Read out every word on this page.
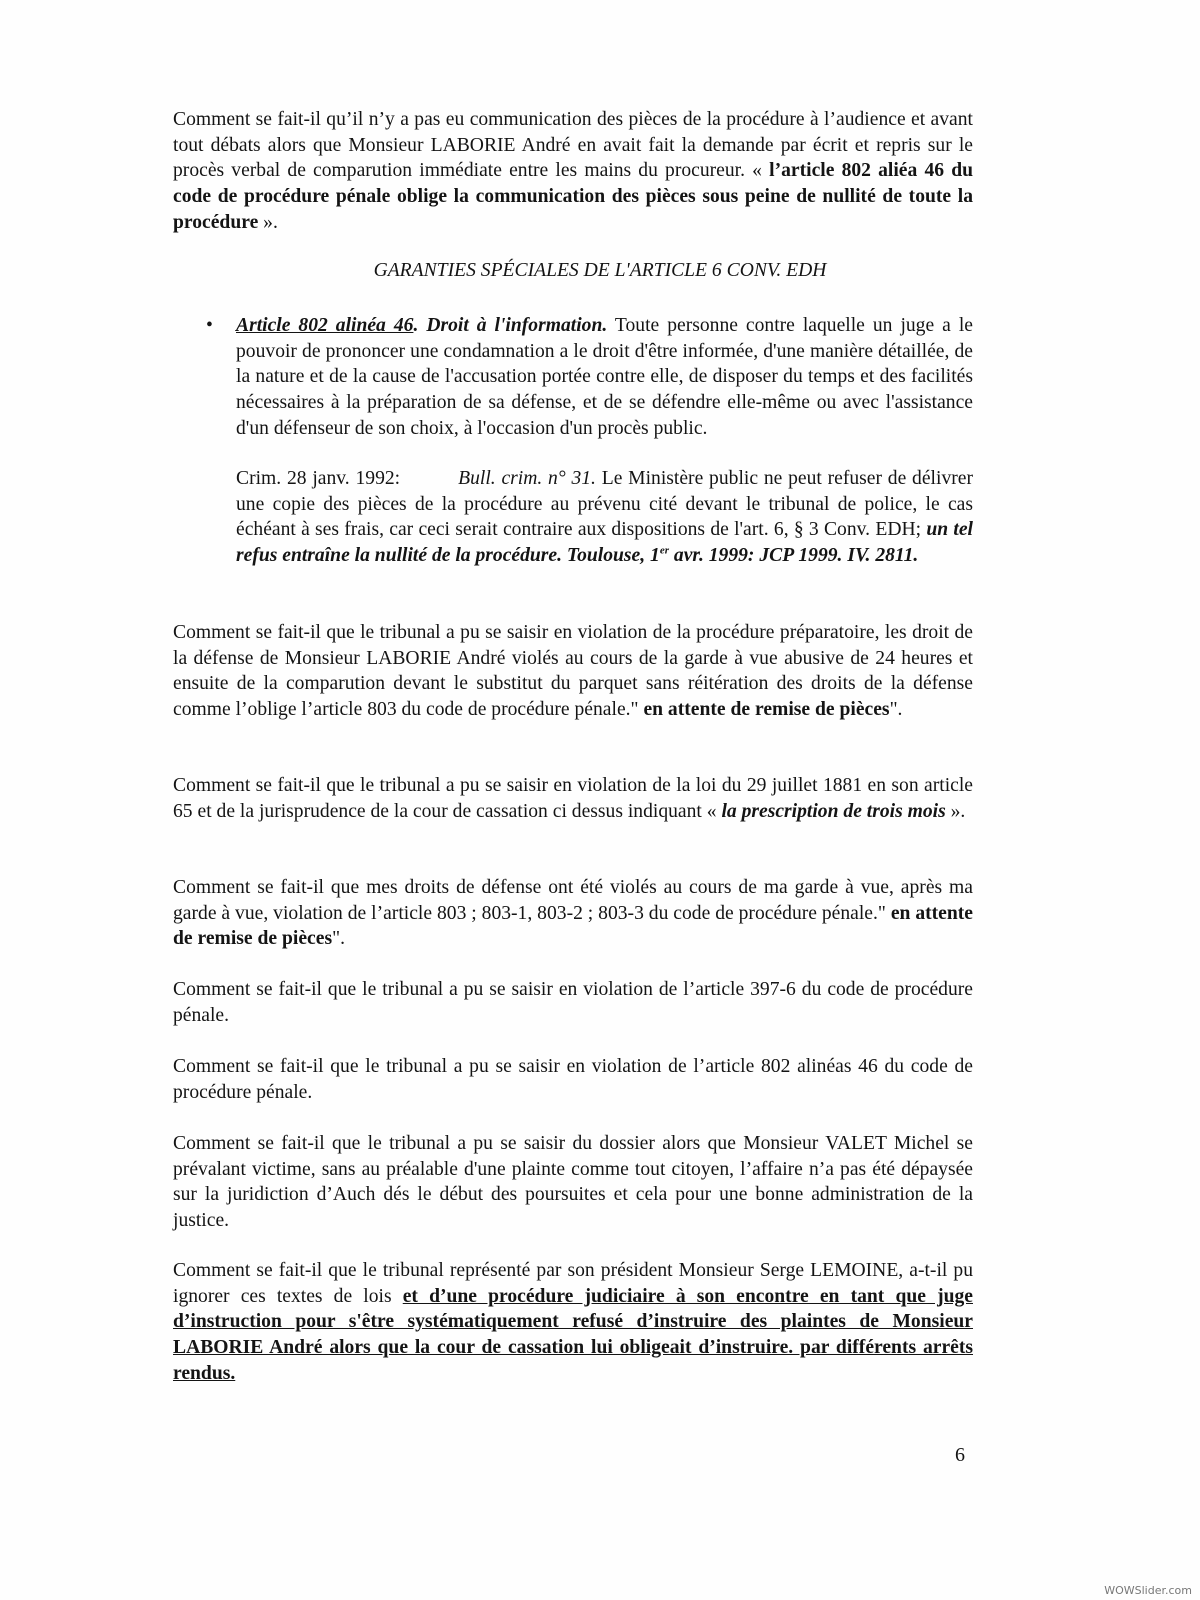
Comment se fait-il qu’il n’y a pas eu communication des pièces de la procédure à l’audience et avant tout débats alors que Monsieur LABORIE André en avait fait la demande par écrit et repris sur le procès verbal de comparution immédiate entre les mains du procureur. « l’article 802 aliéa 46 du code de procédure pénale oblige la communication des pièces sous peine de nullité de toute la procédure ».
GARANTIES SPÉCIALES DE L'ARTICLE 6 CONV. EDH
• Article 802 alinéa 46. Droit à l'information. Toute personne contre laquelle un juge a le pouvoir de prononcer une condamnation a le droit d'être informée, d'une manière détaillée, de la nature et de la cause de l'accusation portée contre elle, de disposer du temps et des facilités nécessaires à la préparation de sa défense, et de se défendre elle-même ou avec l'assistance d'un défenseur de son choix, à l'occasion d'un procès public.
Crim. 28 janv. 1992:	Bull. crim. n° 31. Le Ministère public ne peut refuser de délivrer une copie des pièces de la procédure au prévenu cité devant le tribunal de police, le cas échéant à ses frais, car ceci serait contraire aux dispositions de l'art. 6, § 3 Conv. EDH; un tel refus entraîne la nullité de la procédure. Toulouse, 1er avr. 1999: JCP 1999. IV. 2811.
Comment se fait-il que le tribunal a pu se saisir en violation de la procédure préparatoire, les droit de la défense de Monsieur LABORIE André violés au cours de la garde à vue abusive de 24 heures et ensuite de la comparution devant le substitut du parquet sans réitération des droits de la défense comme l’oblige l’article 803 du code de procédure pénale." en attente de remise de pièces".
Comment se fait-il que le tribunal a pu se saisir en violation de la loi du 29 juillet 1881 en son article 65 et de la jurisprudence de la cour de cassation ci dessus indiquant « la prescription de trois mois ».
Comment se fait-il que mes droits de défense ont été violés au cours de ma garde à vue, après ma garde à vue, violation de l’article 803 ; 803-1, 803-2 ; 803-3 du code de procédure pénale." en attente de remise de pièces".
Comment se fait-il que le tribunal a pu se saisir en violation de l’article 397-6 du code de procédure pénale.
Comment se fait-il que le tribunal a pu se saisir en violation de l’article 802 alinéas 46 du code de procédure pénale.
Comment se fait-il que le tribunal a pu se saisir du dossier alors que Monsieur VALET Michel se prévalant victime, sans au préalable d'une plainte comme tout citoyen, l’affaire n’a pas été dépaysée sur la juridiction d’Auch dés le début des poursuites et cela pour une bonne administration de la justice.
Comment se fait-il que le tribunal représenté par son président Monsieur Serge LEMOINE, a-t-il pu ignorer ces textes de lois et d’une procédure judiciaire à son encontre en tant que juge d’instruction pour s'être systématiquement refusé d’instruire des plaintes de Monsieur LABORIE André alors que la cour de cassation lui obligeait d’instruire. par différents arrêts rendus.
6
WOWSlider.com
